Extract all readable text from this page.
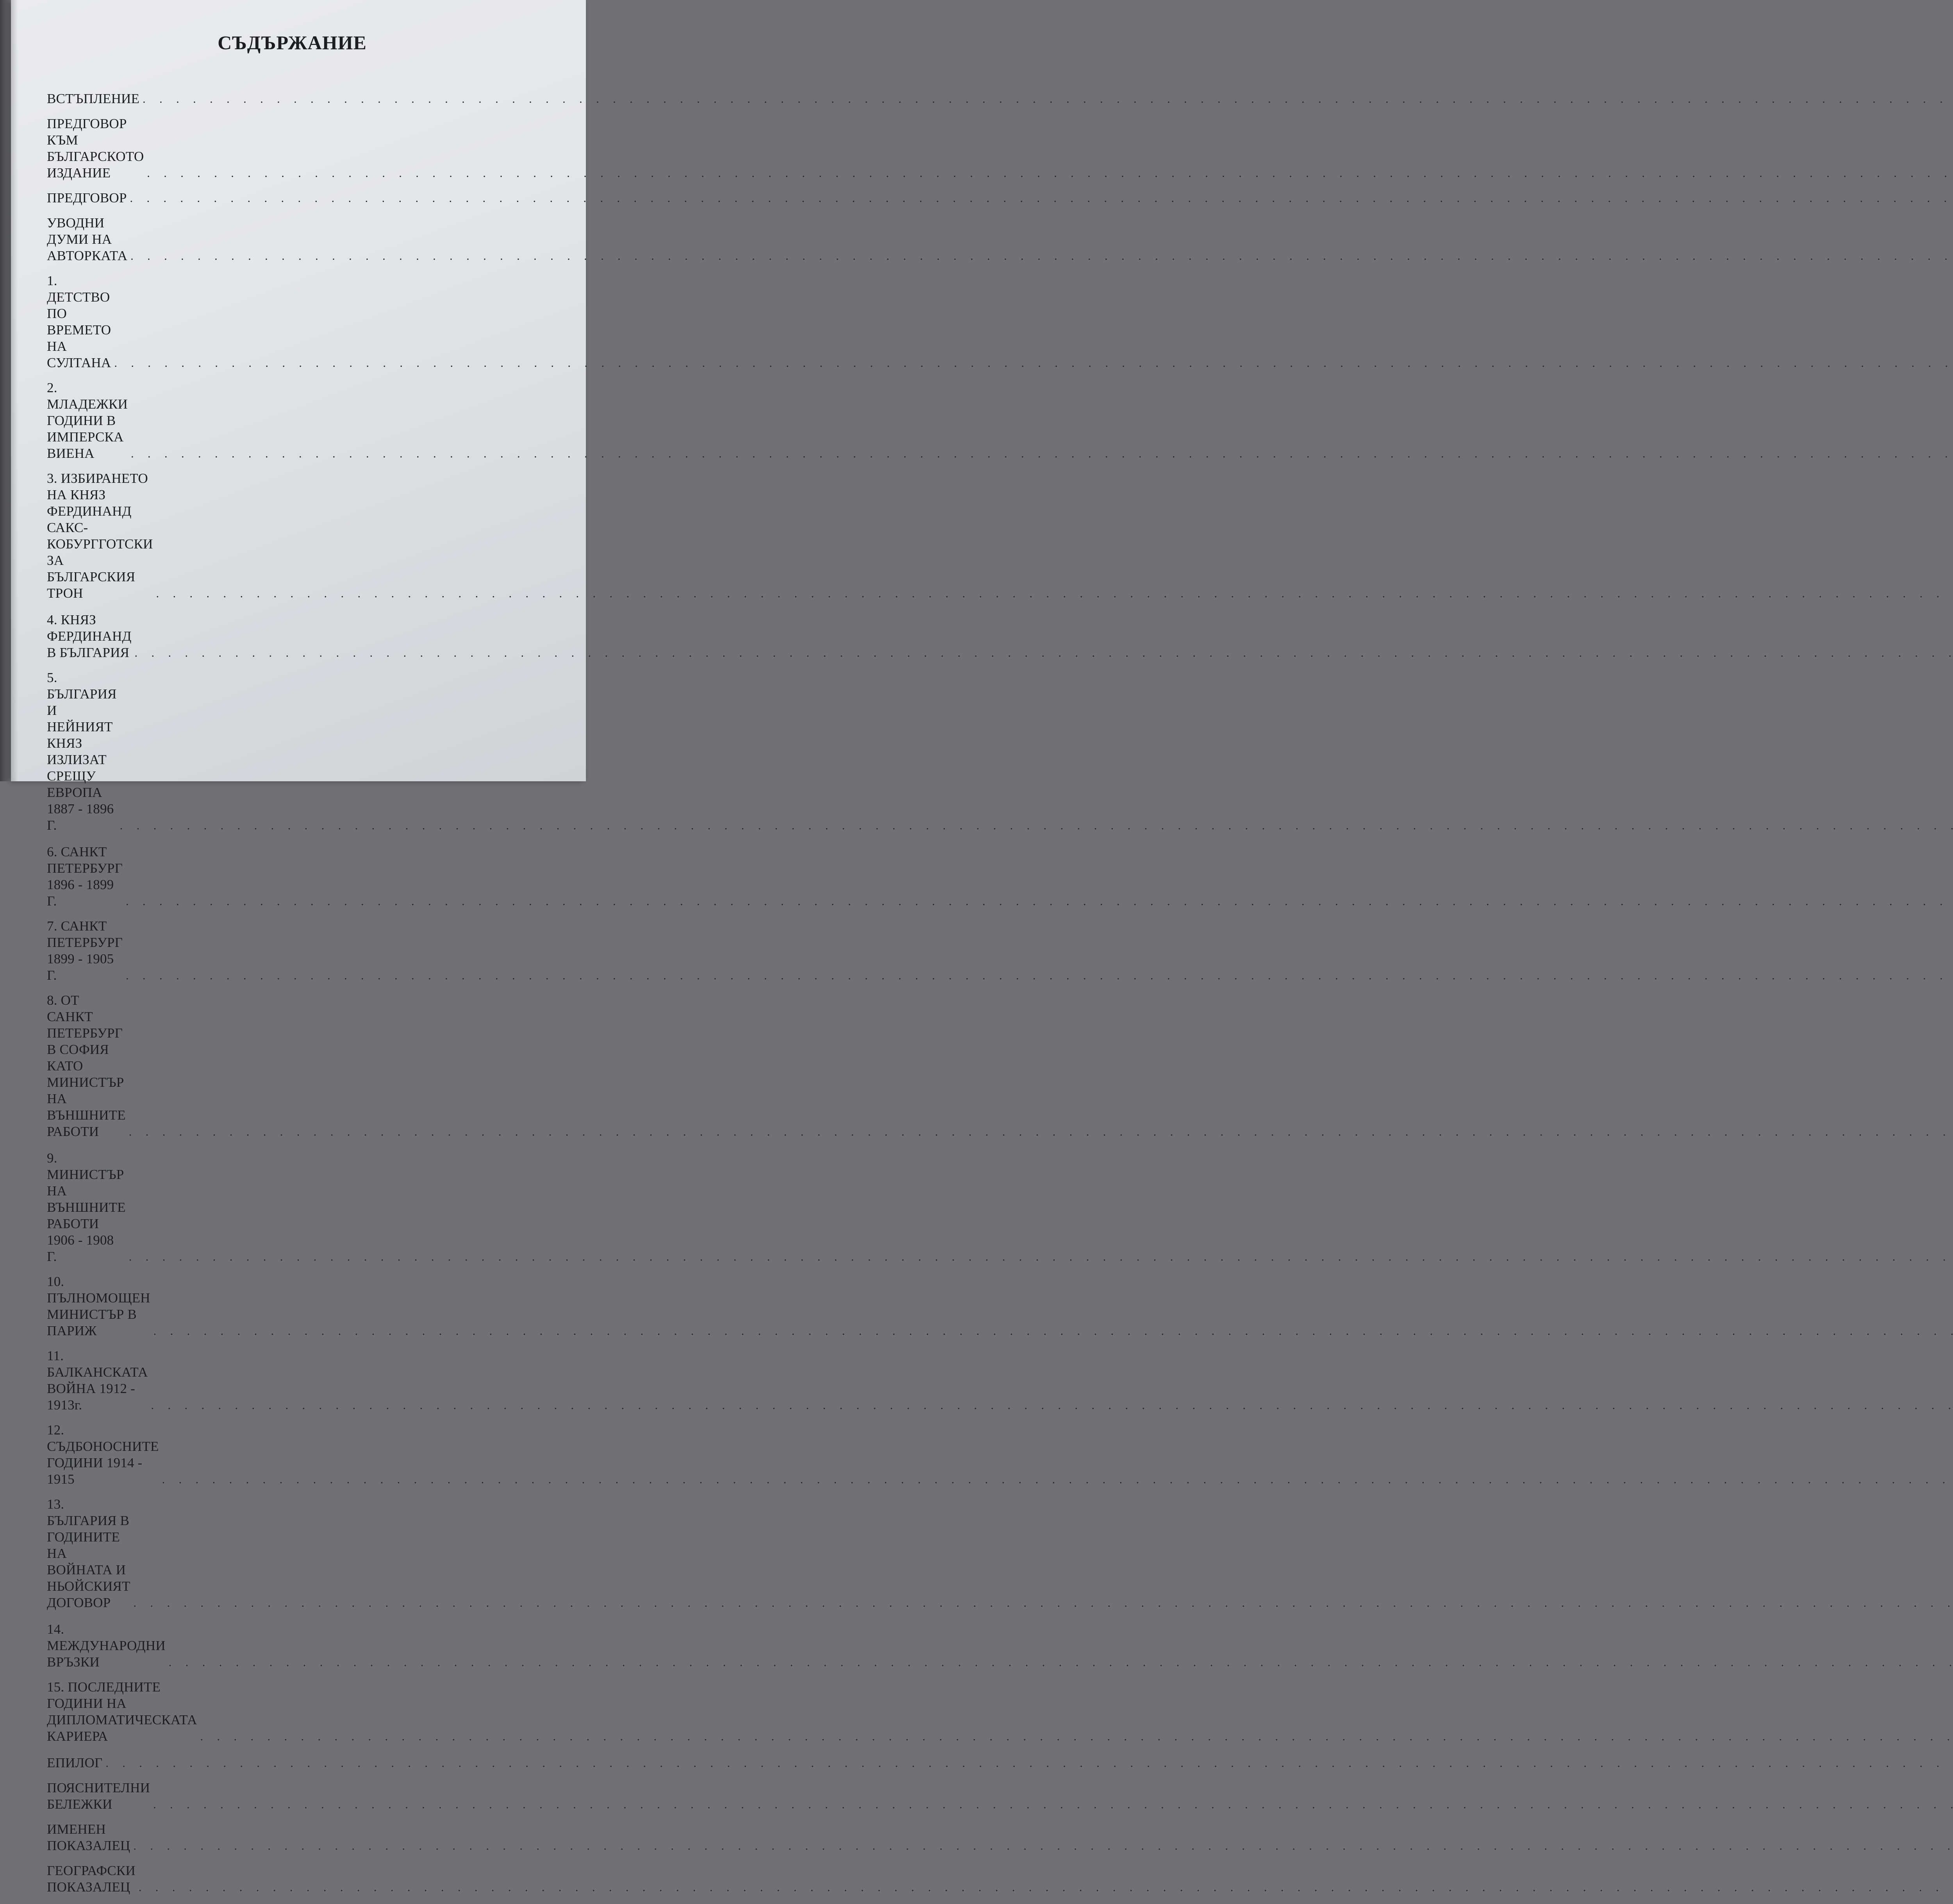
СЪДЪРЖАНИЕ
ВСТЪПЛЕНИЕ
. . .
ПРЕДГОВОР КЪМ БЪЛГАРСКОТО ИЗДАНИЕ
. . .
ПРЕДГОВОР
. . .
УВОДНИ ДУМИ НА АВТОРКАТА
. . .
1. ДЕТСТВО ПО ВРЕМЕТО НА СУЛТАНА
. . .
2. МЛАДЕЖКИ ГОДИНИ В ИМПЕРСКА ВИЕНА
. . .
3. ИЗБИРАНЕТО НА КНЯЗ ФЕРДИНАНД
САКС-КОБУРГГОТСКИ ЗА БЪЛГАРСКИЯ ТРОН
. . .
4. КНЯЗ ФЕРДИНАНД В БЪЛГАРИЯ
. . .
5. БЪЛГАРИЯ И НЕЙНИЯТ КНЯЗ ИЗЛИЗАТ
СРЕЩУ ЕВРОПА 1887 - 1896 Г.
. . .
6. САНКТ ПЕТЕРБУРГ 1896 - 1899 Г.
. . .
7. САНКТ ПЕТЕРБУРГ 1899 - 1905 Г.
. . .
8. ОТ САНКТ ПЕТЕРБУРГ В СОФИЯ КАТО
МИНИСТЪР НА ВЪНШНИТЕ РАБОТИ
. . .
9. МИНИСТЪР НА ВЪНШНИТЕ РАБОТИ 1906 - 1908 Г.
. . .
10. ПЪЛНОМОЩЕН МИНИСТЪР В ПАРИЖ
. . .
11. БАЛКАНСКАТА ВОЙНА 1912 - 1913г.
. . .
12. СЪДБОНОСНИТЕ ГОДИНИ 1914 - 1915
. . .
13. БЪЛГАРИЯ В ГОДИНИТЕ НА ВОЙНАТА И
НЬОЙСКИЯТ ДОГОВОР
. . .
14. МЕЖДУНАРОДНИ ВРЪЗКИ
. . .
15. ПОСЛЕДНИТЕ ГОДИНИ НА ДИПЛОМАТИЧЕСКАТА
КАРИЕРА
. . .
ЕПИЛОГ
. . .
ПОЯСНИТЕЛНИ БЕЛЕЖКИ
. . .
ИМЕНЕН ПОКАЗАЛЕЦ
. . .
ГЕОГРАФСКИ ПОКАЗАЛЕЦ
. . .
